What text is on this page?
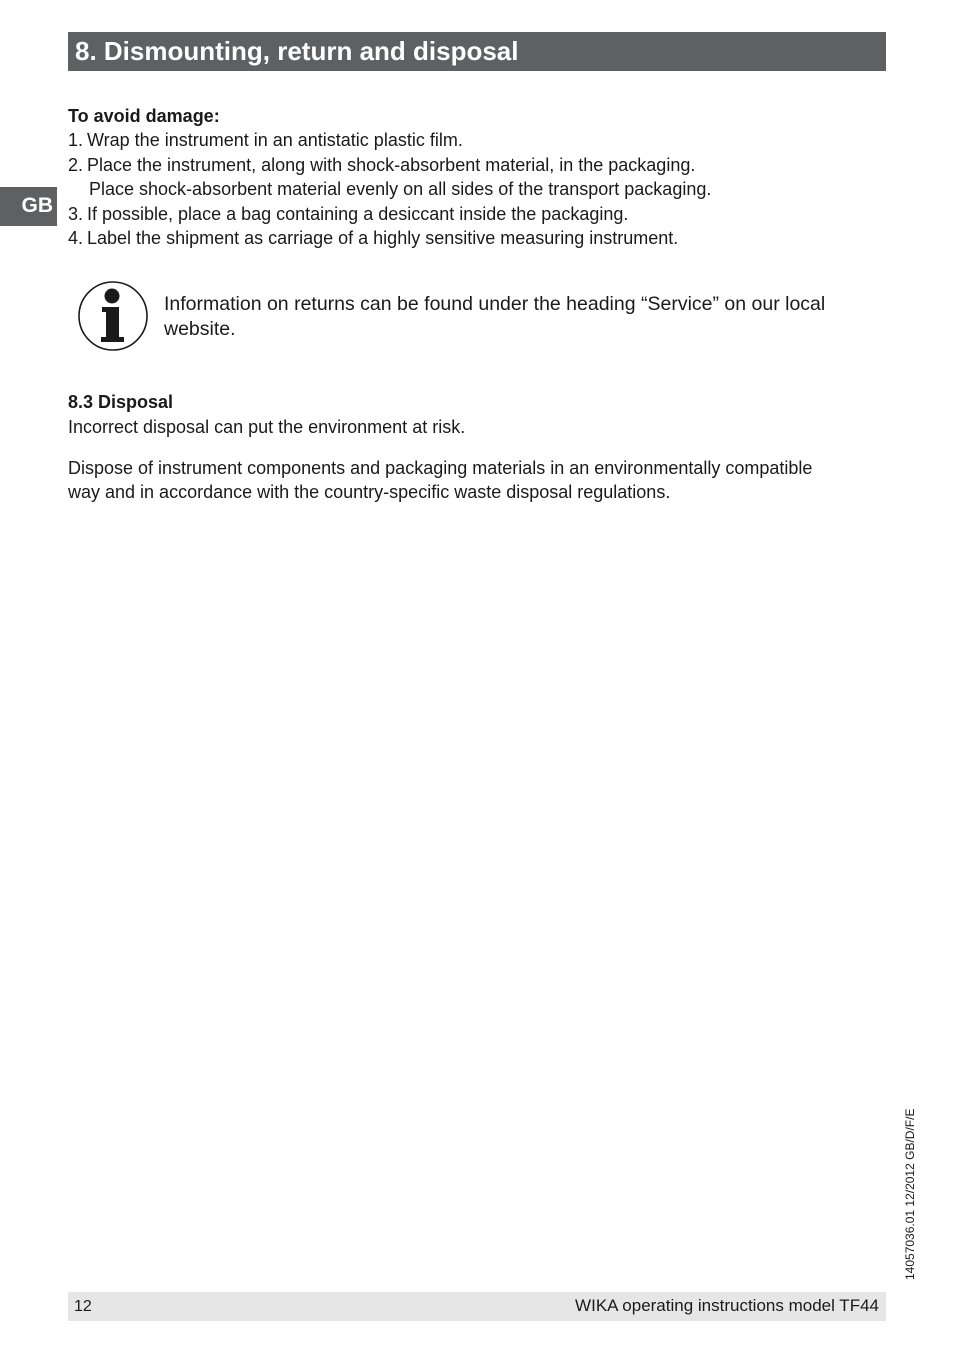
8. Dismounting, return and disposal
GB
To avoid damage:
1. Wrap the instrument in an antistatic plastic film.
2. Place the instrument, along with shock-absorbent material, in the packaging.
Place shock-absorbent material evenly on all sides of the transport packaging.
3. If possible, place a bag containing a desiccant inside the packaging.
4. Label the shipment as carriage of a highly sensitive measuring instrument.
Information on returns can be found under the heading “Service” on our local
website.
8.3 Disposal
Incorrect disposal can put the environment at risk.
Dispose of instrument components and packaging materials in an environmentally compatible
way and in accordance with the country-specific waste disposal regulations.
14057036.01 12/2012 GB/D/F/E
12	WIKA operating instructions model TF44
